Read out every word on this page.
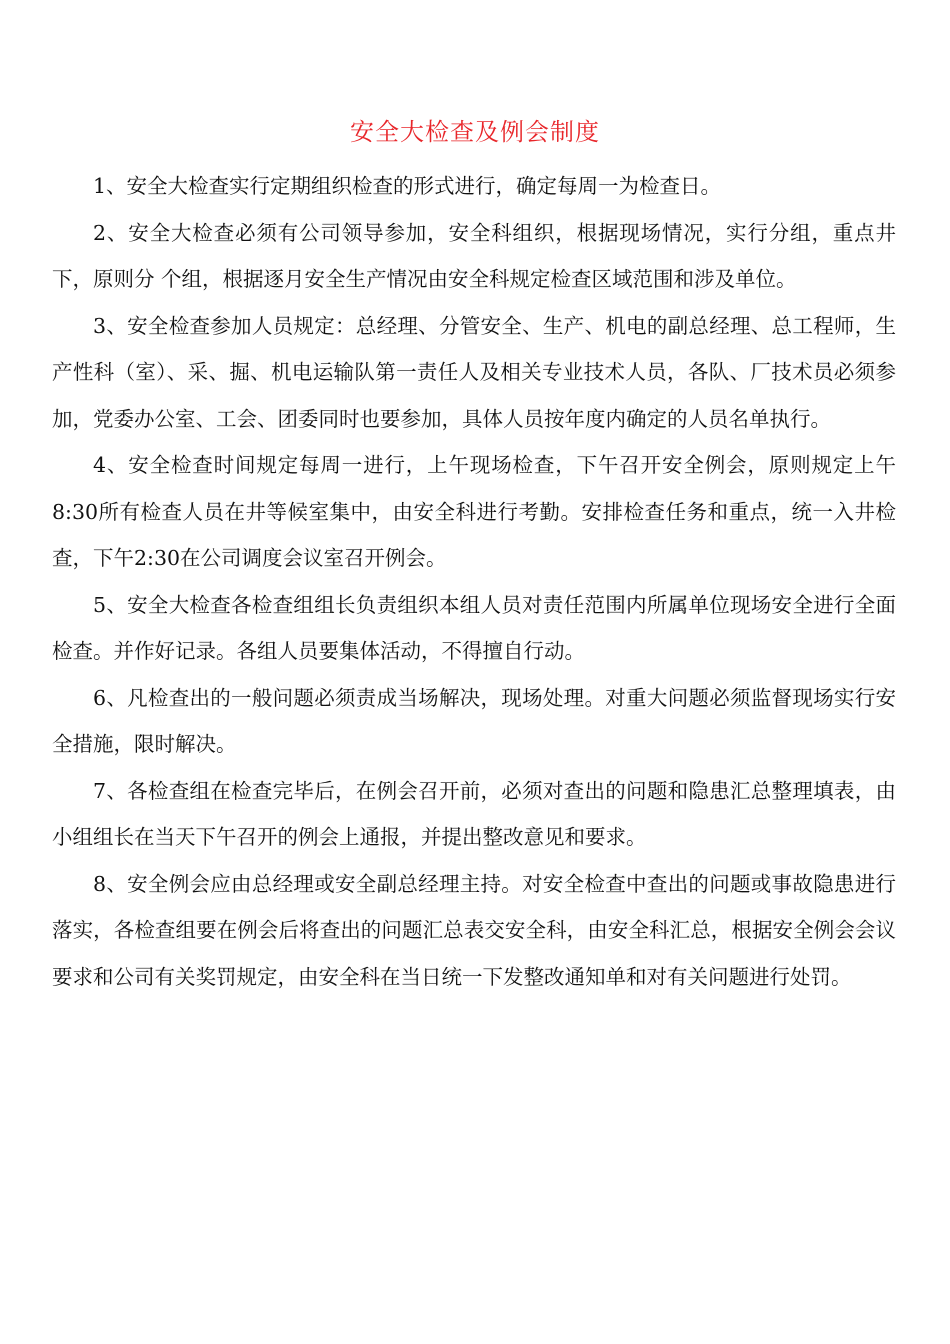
安全大检查及例会制度

1、安全大检查实行定期组织检查的形式进行，确定每周一为检查日。

2、安全大检查必须有公司领导参加，安全科组织，根据现场情况，实行分组，重点井下，原则分 个组，根据逐月安全生产情况由安全科规定检查区域范围和涉及单位。

3、安全检查参加人员规定：总经理、分管安全、生产、机电的副总经理、总工程师，生产性科（室）、采、掘、机电运输队第一责任人及相关专业技术人员，各队、厂技术员必须参加，党委办公室、工会、团委同时也要参加，具体人员按年度内确定的人员名单执行。

4、安全检查时间规定每周一进行，上午现场检查，下午召开安全例会，原则规定上午8:30所有检查人员在井等候室集中，由安全科进行考勤。安排检查任务和重点，统一入井检查，下午2:30在公司调度会议室召开例会。

5、安全大检查各检查组组长负责组织本组人员对责任范围内所属单位现场安全进行全面检查。并作好记录。各组人员要集体活动，不得擅自行动。

6、凡检查出的一般问题必须责成当场解决，现场处理。对重大问题必须监督现场实行安全措施，限时解决。

7、各检查组在检查完毕后，在例会召开前，必须对查出的问题和隐患汇总整理填表，由小组组长在当天下午召开的例会上通报，并提出整改意见和要求。

8、安全例会应由总经理或安全副总经理主持。对安全检查中查出的问题或事故隐患进行落实，各检查组要在例会后将查出的问题汇总表交安全科，由安全科汇总，根据安全例会会议要求和公司有关奖罚规定，由安全科在当日统一下发整改通知单和对有关问题进行处罚。
